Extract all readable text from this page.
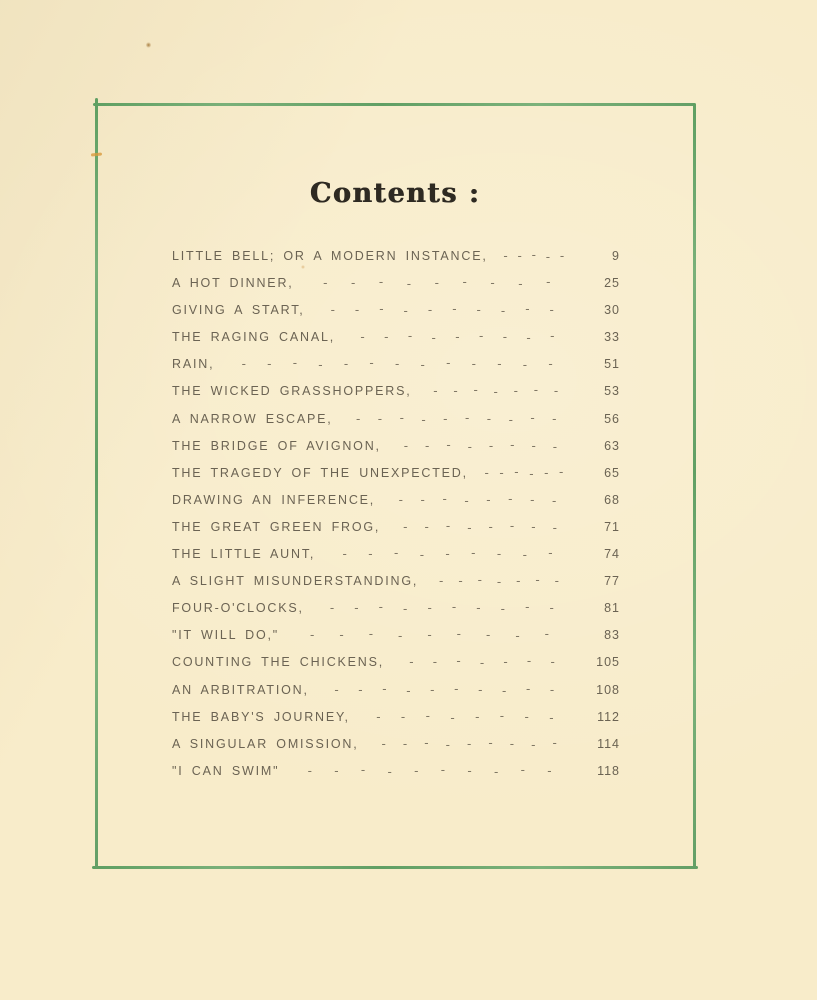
Contents :
LITTLE BELL; OR A MODERN INSTANCE, - - - - -	9
A HOT DINNER, - - - - - - - - -	25
GIVING A START, - - - - - - - - - -	30
THE RAGING CANAL, - - - - - - - - -	33
RAIN, - - - - - - - - - - - - -	51
THE WICKED GRASSHOPPERS, - - - - - - -	53
A NARROW ESCAPE, - - - - - - - - - -	56
THE BRIDGE OF AVIGNON, - - - - - - - -	63
THE TRAGEDY OF THE UNEXPECTED, - - - - - -	65
DRAWING AN INFERENCE, - - - - - - - -	68
THE GREAT GREEN FROG, - - - - - - - -	71
THE LITTLE AUNT, - - - - - - - - -	74
A SLIGHT MISUNDERSTANDING, - - - - - - -	77
FOUR-O'CLOCKS, - - - - - - - - - -	81
"IT WILL DO," - - - - - - - - -	83
COUNTING THE CHICKENS, - - - - - - -	105
AN ARBITRATION, - - - - - - - - - -	108
THE BABY'S JOURNEY, - - - - - - - -	112
A SINGULAR OMISSION, - - - - - - - - -	114
"I CAN SWIM" - - - - - - - - - -	118
